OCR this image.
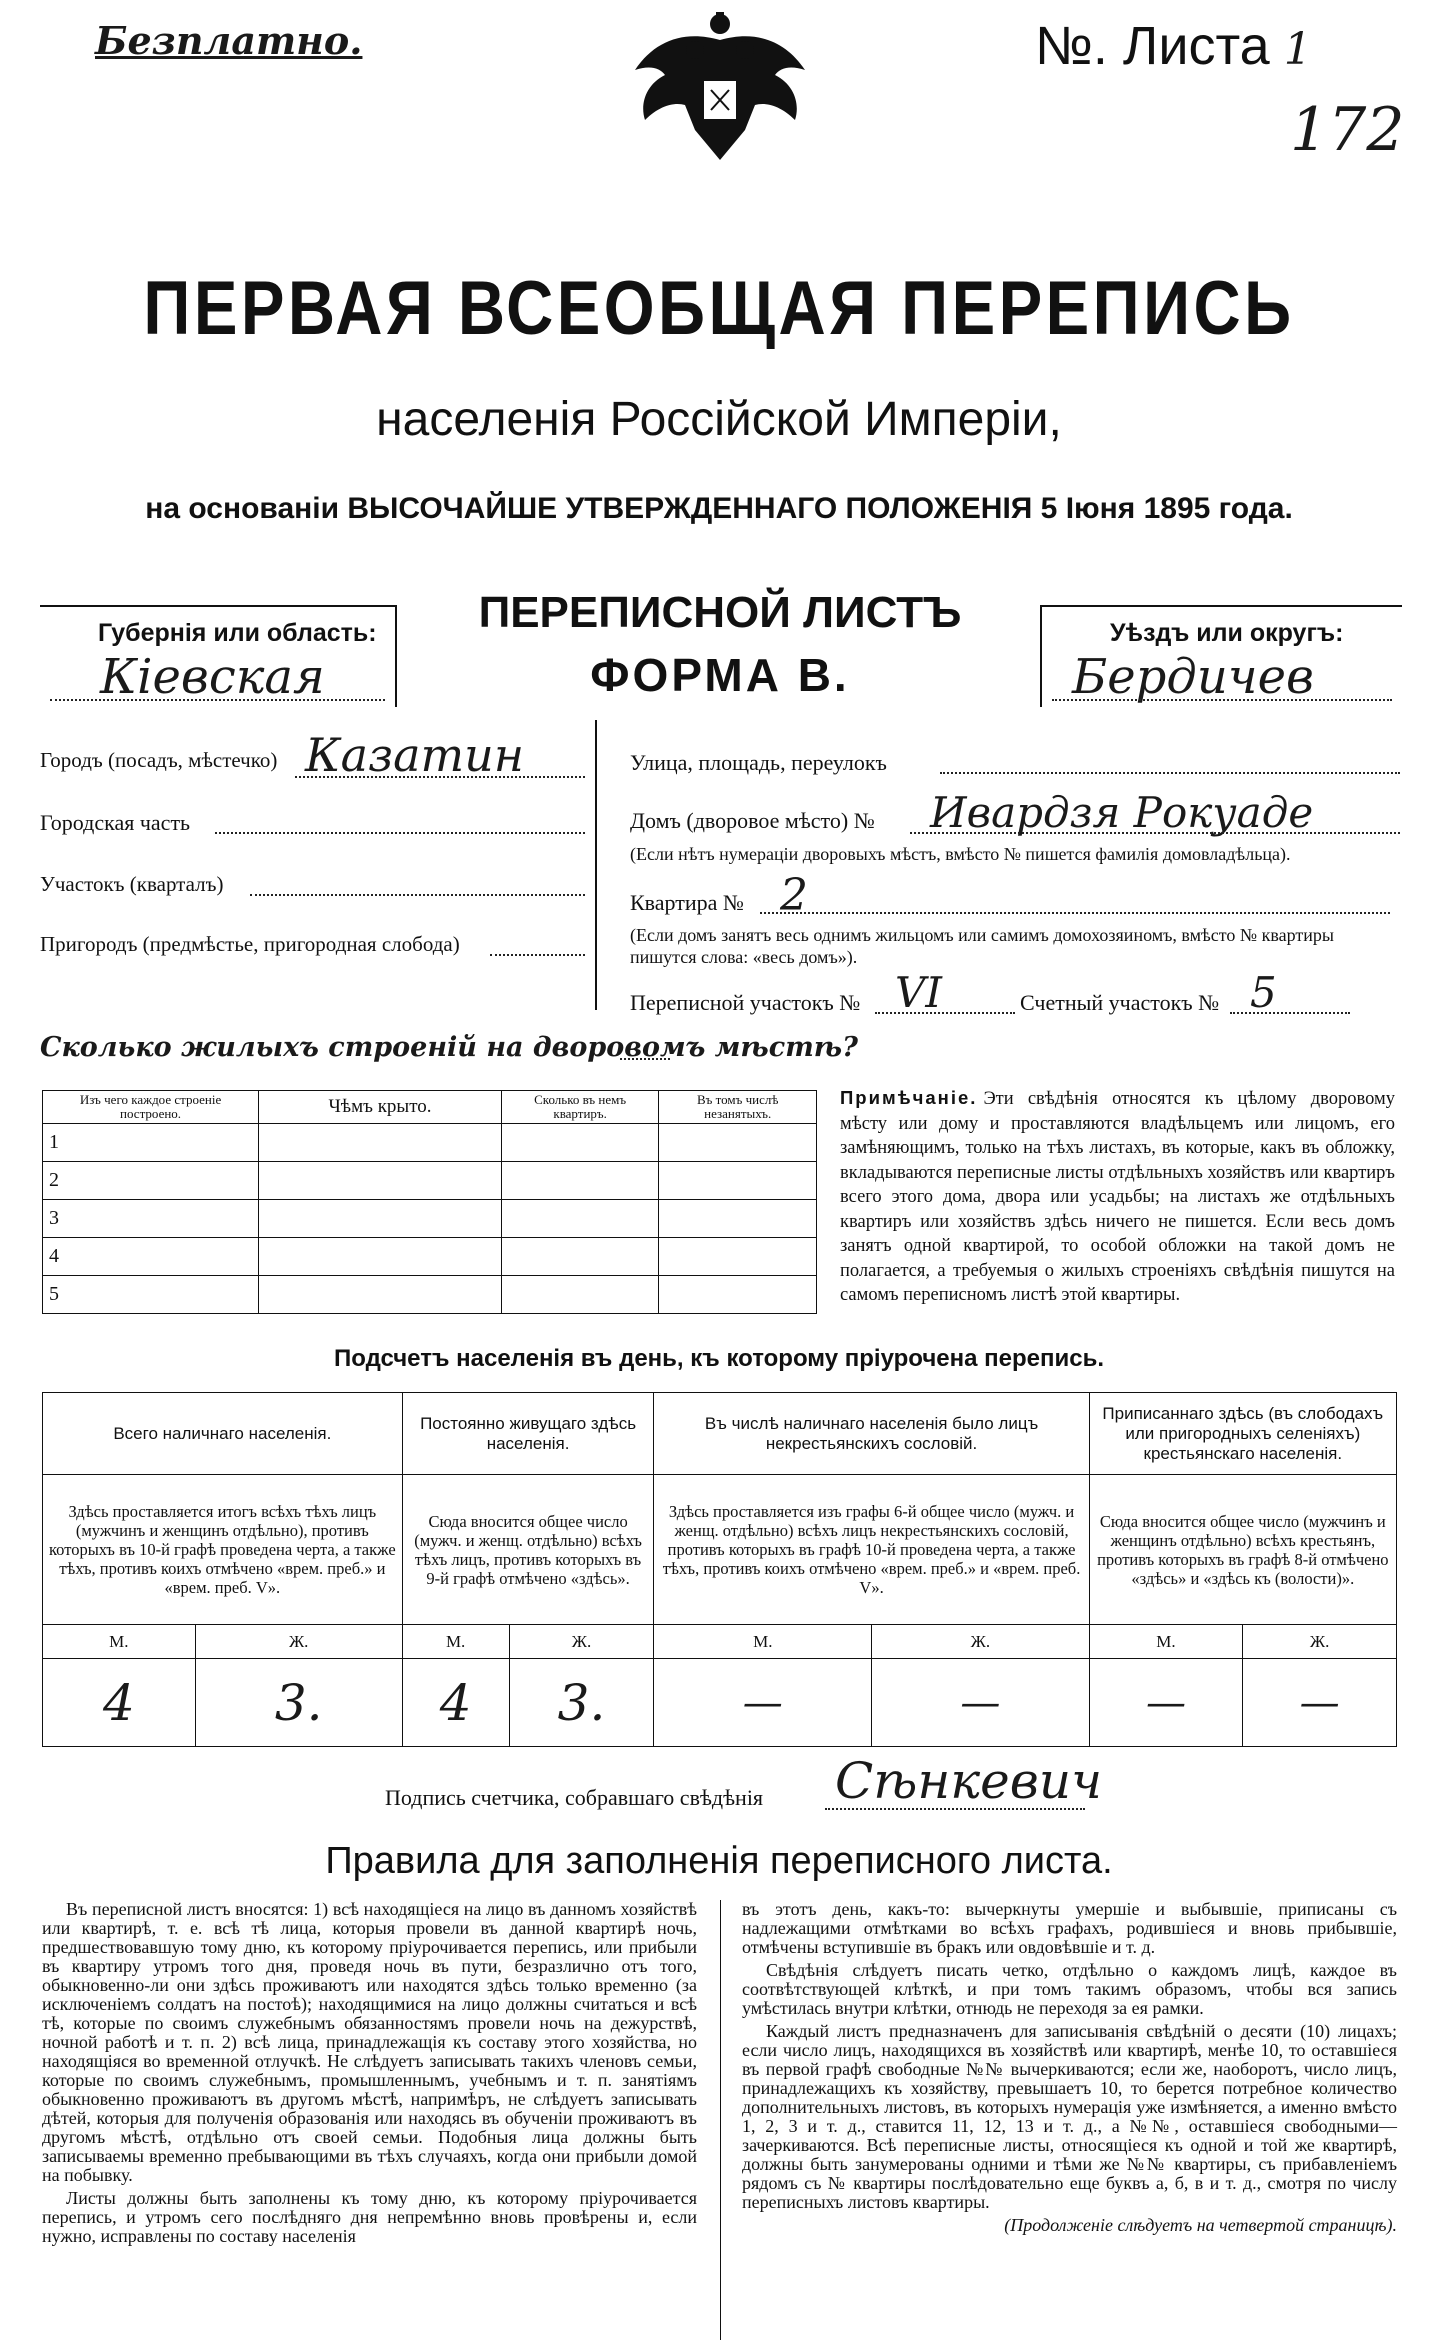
Безплатно.	№. Листа 1
172
ПЕРВАЯ ВСЕОБЩАЯ ПЕРЕПИСЬ
населенія Россійской Имперіи,
на основаніи ВЫСОЧАЙШЕ УТВЕРЖДЕННАГО ПОЛОЖЕНІЯ 5 Іюня 1895 года.
Губернія или область:
Кіевская
ПЕРЕПИСНОЙ ЛИСТЪ
ФОРМА В.
Уѣздъ или округъ:
Бердичев
Городъ (посадъ, мѣстечко) Казатин
Городская часть
Участокъ (кварталъ)
Пригородъ (предмѣстье, пригородная слобода)
Улица, площадь, переулокъ
Домъ (дворовое мѣсто) № Ивардзя Рокуаде
(Если нѣтъ нумераціи дворовыхъ мѣстъ, вмѣсто № пишется фамилія домовладѣльца).
Квартира № 2
(Если домъ занятъ весь однимъ жильцомъ или самимъ домохозяиномъ, вмѣсто № квартиры пишутся слова: «весь домъ»).
Переписной участокъ № VI	Счетный участокъ № 5
Сколько жилыхъ строеній на дворовомъ мѣстѣ?
Изъ чего каждое строеніе построено.	Чѣмъ крыто.	Сколько въ немъ квартиръ.	Въ томъ числѣ незанятыхъ.
1			
2			
3			
4			
5			
Примѣчаніе. Эти свѣдѣнія относятся къ цѣлому дворовому мѣсту или дому и проставляются владѣльцемъ или лицомъ, его замѣняющимъ, только на тѣхъ листахъ, въ которые, какъ въ обложку, вкладываются переписные листы отдѣльныхъ хозяйствъ или квартиръ всего этого дома, двора или усадьбы; на листахъ же отдѣльныхъ квартиръ или хозяйствъ здѣсь ничего не пишется. Если весь домъ занятъ одной квартирой, то особой обложки на такой домъ не полагается, а требуемыя о жилыхъ строеніяхъ свѣдѣнія пишутся на самомъ переписномъ листѣ этой квартиры.
Подсчетъ населенія въ день, къ которому пріурочена перепись.
Всего наличнаго населенія.		Постоянно живущаго здѣсь населенія.		Въ числѣ наличнаго населенія было лицъ некрестьянскихъ сословій.		Приписаннаго здѣсь (въ слободахъ или пригородныхъ селеніяхъ) крестьянскаго населенія.	
Здѣсь проставляется итогъ всѣхъ тѣхъ лицъ (мужчинъ и женщинъ отдѣльно), противъ которыхъ въ 10-й графѣ проведена черта, а также тѣхъ, противъ коихъ отмѣчено «врем. преб.» и «врем. преб. V».		Сюда вносится общее число (мужч. и женщ. отдѣльно) всѣхъ тѣхъ лицъ, противъ которыхъ въ 9-й графѣ отмѣчено «здѣсь».		Здѣсь проставляется изъ графы 6-й общее число (мужч. и женщ. отдѣльно) всѣхъ лицъ некрестьянскихъ сословій, противъ которыхъ въ графѣ 10-й проведена черта, а также тѣхъ, противъ коихъ отмѣчено «врем. преб.» и «врем. преб. V».		Сюда вносится общее число (мужчинъ и женщинъ отдѣльно) всѣхъ крестьянъ, противъ которыхъ въ графѣ 8-й отмѣчено «здѣсь» и «здѣсь къ (волости)».	
М.	Ж.	М.	Ж.	М.	Ж.	М.	Ж.
4	3.	4	3.	—	—	—	—
Подпись счетчика, собравшаго свѣдѣнія Сѣнкевич
Правила для заполненія переписного листа.

Въ переписной листъ вносятся: 1) всѣ находящіеся на лицо въ данномъ хозяйствѣ или квартирѣ, т. е. всѣ тѣ лица, которыя провели въ данной квартирѣ ночь, предшествовавшую тому дню, къ которому пріурочивается перепись, или прибыли въ квартиру утромъ того дня, проведя ночь въ пути, безразлично отъ того, обыкновенно-ли они здѣсь проживаютъ или находятся здѣсь только временно (за исключеніемъ солдатъ на постоѣ); находящимися на лицо должны считаться и всѣ тѣ, которые по своимъ служебнымъ обязанностямъ провели ночь на дежурствѣ, ночной работѣ и т. п. 2) всѣ лица, принадлежащія къ составу этого хозяйства, но находящіяся во временной отлучкѣ. Не слѣдуетъ записывать такихъ членовъ семьи, которые по своимъ служебнымъ, промышленнымъ, учебнымъ и т. п. занятіямъ обыкновенно проживаютъ въ другомъ мѣстѣ, напримѣръ, не слѣдуетъ записывать дѣтей, которыя для полученія образованія или находясь въ обученіи проживаютъ въ другомъ мѣстѣ, отдѣльно отъ своей семьи. Подобныя лица должны быть записываемы временно пребывающими въ тѣхъ случаяхъ, когда они прибыли домой на побывку.

Листы должны быть заполнены къ тому дню, къ которому пріурочивается перепись, и утромъ сего послѣдняго дня непремѣнно вновь провѣрены и, если нужно, исправлены по составу населенія

въ этотъ день, какъ-то: вычеркнуты умершіе и выбывшіе, приписаны съ надлежащими отмѣтками во всѣхъ графахъ, родившіеся и вновь прибывшіе, отмѣчены вступившіе въ бракъ или овдовѣвшіе и т. д.

Свѣдѣнія слѣдуетъ писать четко, отдѣльно о каждомъ лицѣ, каждое въ соотвѣтствующей клѣткѣ, и при томъ такимъ образомъ, чтобы вся запись умѣстилась внутри клѣтки, отнюдь не переходя за ея рамки.

Каждый листъ предназначенъ для записыванія свѣдѣній о десяти (10) лицахъ; если число лицъ, находящихся въ хозяйствѣ или квартирѣ, менѣе 10, то оставшіеся въ первой графѣ свободные №№ вычеркиваются; если же, наоборотъ, число лицъ, принадлежащихъ къ хозяйству, превышаетъ 10, то берется потребное количество дополнительныхъ листовъ, въ которыхъ нумерація уже измѣняется, а именно вмѣсто 1, 2, 3 и т. д., ставится 11, 12, 13 и т. д., а №№, оставшіеся свободными—зачеркиваются. Всѣ переписные листы, относящіеся къ одной и той же квартирѣ, должны быть занумерованы одними и тѣми же №№ квартиры, съ прибавленіемъ рядомъ съ № квартиры послѣдовательно еще буквъ а, б, в и т. д., смотря по числу переписныхъ листовъ квартиры.

(Продолженіе слѣдуетъ на четвертой страницѣ).
